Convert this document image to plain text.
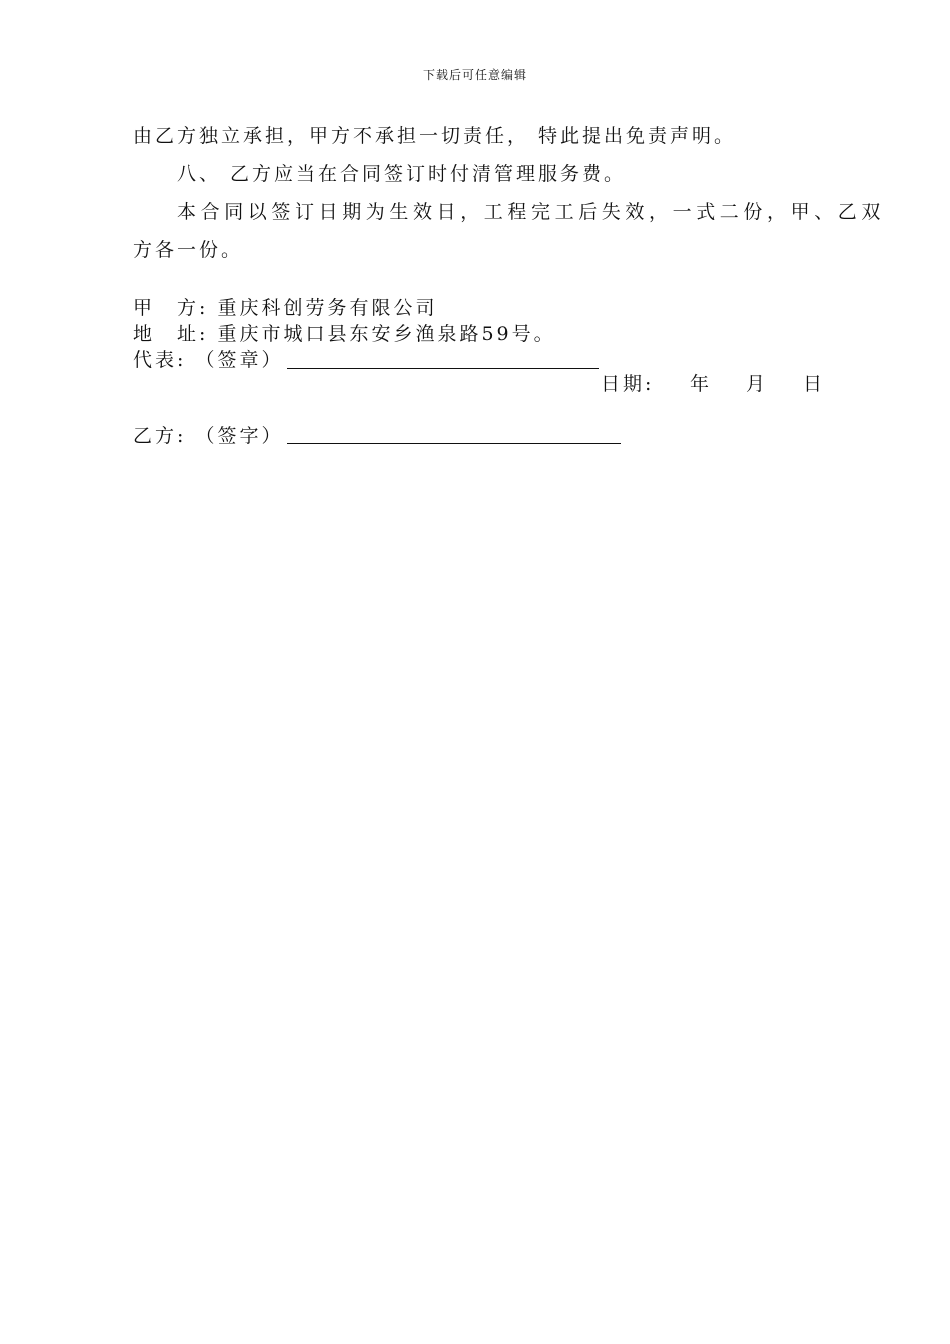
下载后可任意编辑
由乙方独立承担，甲方不承担一切责任， 特此提出免责声明。
八、 乙方应当在合同签订时付清管理服务费。
本合同以签订日期为生效日，工程完工后失效，一式二份，甲、乙双
方各一份。
甲　方: 重庆科创劳务有限公司
地　址: 重庆市城口县东安乡渔泉路59号。
代表: （签章）
日期: 年 月 日
乙方: （签字）
